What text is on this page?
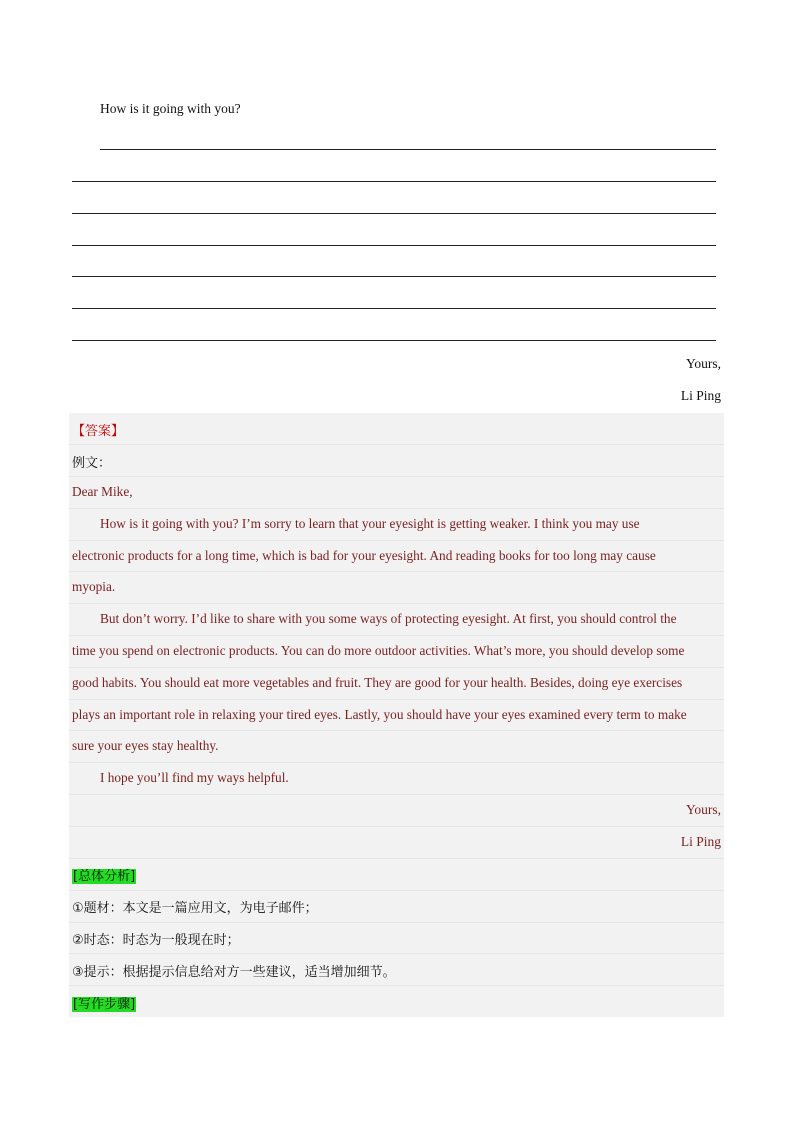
How is it going with you?
Yours,
Li Ping
【答案】
例文：
Dear Mike,
How is it going with you? I’m sorry to learn that your eyesight is getting weaker. I think you may use
electronic products for a long time, which is bad for your eyesight. And reading books for too long may cause
myopia.
But don’t worry. I’d like to share with you some ways of protecting eyesight. At first, you should control the
time you spend on electronic products. You can do more outdoor activities. What’s more, you should develop some
good habits. You should eat more vegetables and fruit. They are good for your health. Besides, doing eye exercises
plays an important role in relaxing your tired eyes. Lastly, you should have your eyes examined every term to make
sure your eyes stay healthy.
I hope you’ll find my ways helpful.
Yours,
Li Ping
[总体分析]
①题材：本文是一篇应用文，为电子邮件；
②时态：时态为一般现在时；
③提示：根据提示信息给对方一些建议，适当增加细节。
[写作步骤]
